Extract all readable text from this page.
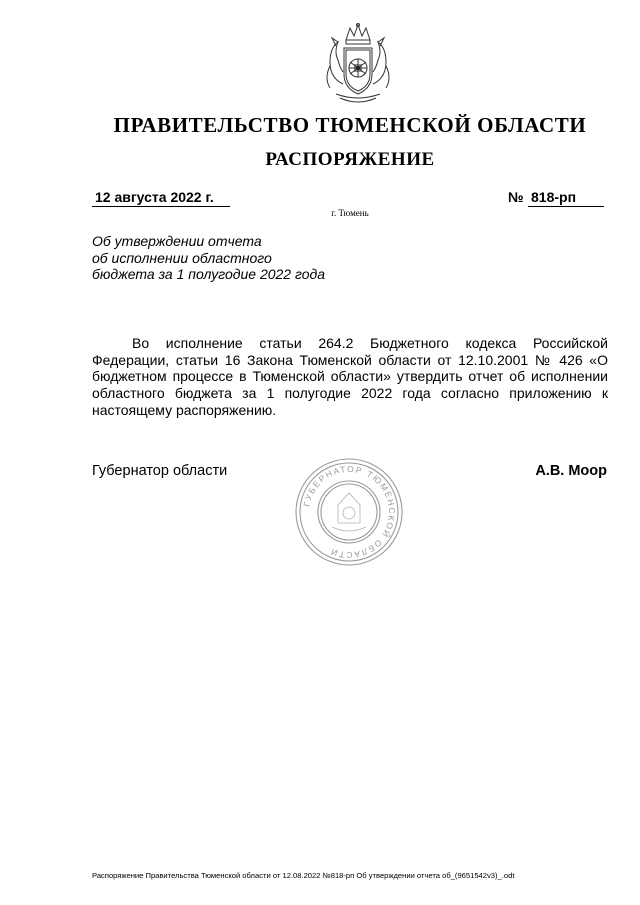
ПРАВИТЕЛЬСТВО ТЮМЕНСКОЙ ОБЛАСТИ
РАСПОРЯЖЕНИЕ
12 августа 2022 г.	№ 818-рп
г. Тюмень
Об утверждении отчета
об исполнении областного
бюджета за 1 полугодие 2022 года
Во исполнение статьи 264.2 Бюджетного кодекса Российской Федерации, статьи 16 Закона Тюменской области от 12.10.2001 № 426 «О бюджетном процессе в Тюменской области» утвердить отчет об исполнении областного бюджета за 1 полугодие 2022 года согласно приложению к настоящему распоряжению.
Губернатор области
ГУБЕРНАТОР ТЮМЕНСКОЙ ОБЛАСТИ
А.В. Моор
Распоряжение Правительства Тюменской области от 12.08.2022 №818-рп Об утверждении отчета об_(9651542v3)_.odt
